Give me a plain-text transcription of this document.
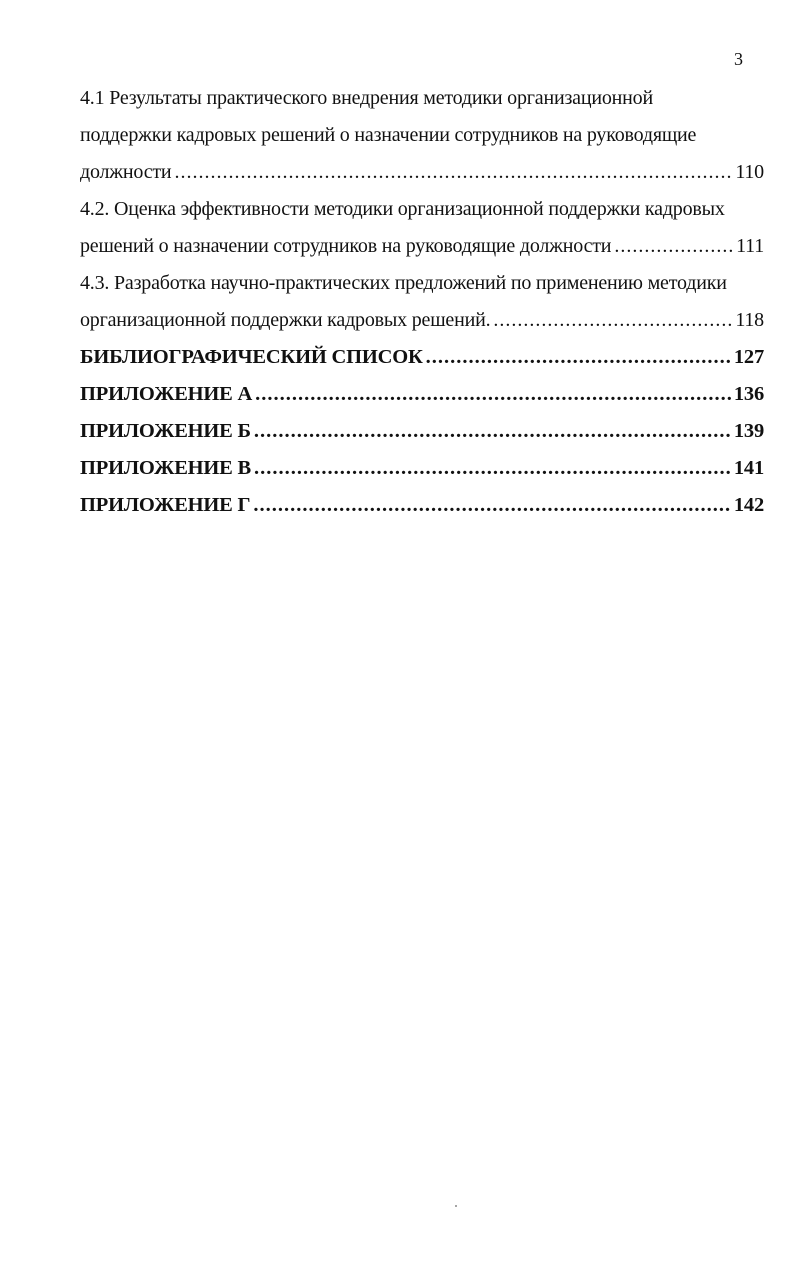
3
4.1 Результаты практического внедрения методики организационной
поддержки кадровых решений о назначении сотрудников на руководящие
должности .....	110
4.2. Оценка эффективности методики организационной поддержки кадровых
решений о назначении сотрудников на руководящие должности .....	111
4.3. Разработка научно-практических предложений по применению методики
организационной поддержки кадровых решений. .....	118
БИБЛИОГРАФИЧЕСКИЙ СПИСОК .....	127
ПРИЛОЖЕНИЕ А .....	136
ПРИЛОЖЕНИЕ Б .....	139
ПРИЛОЖЕНИЕ В .....	141
ПРИЛОЖЕНИЕ Г .....	142
